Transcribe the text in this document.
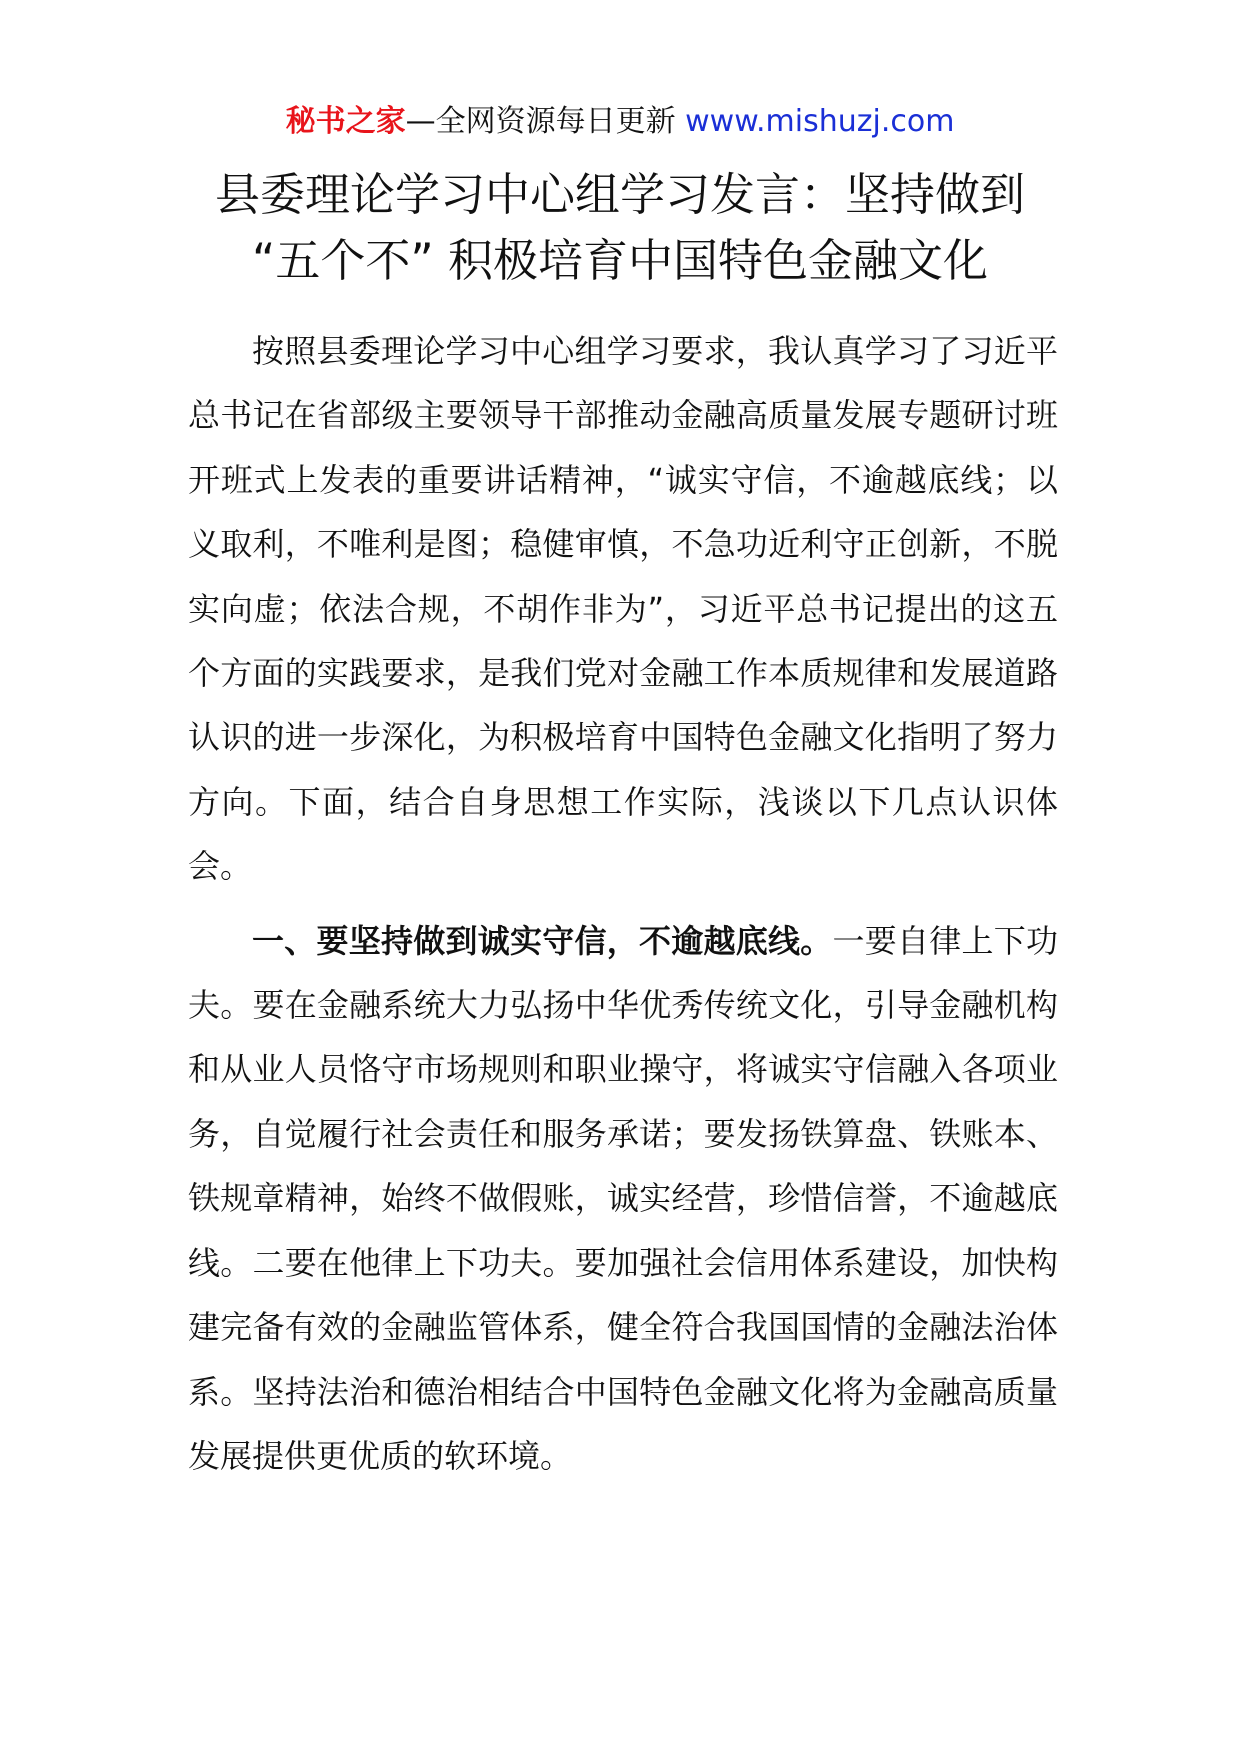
秘书之家—全网资源每日更新 www.mishuzj.com
县委理论学习中心组学习发言：坚持做到
“五个不” 积极培育中国特色金融文化

按照县委理论学习中心组学习要求，我认真学习了习近平总书记在省部级主要领导干部推动金融高质量发展专题研讨班开班式上发表的重要讲话精神，“诚实守信，不逾越底线；以义取利，不唯利是图；稳健审慎，不急功近利守正创新，不脱实向虚；依法合规，不胡作非为”，习近平总书记提出的这五个方面的实践要求，是我们党对金融工作本质规律和发展道路认识的进一步深化，为积极培育中国特色金融文化指明了努力方向。下面，结合自身思想工作实际，浅谈以下几点认识体会。

一、要坚持做到诚实守信，不逾越底线。一要自律上下功夫。要在金融系统大力弘扬中华优秀传统文化，引导金融机构和从业人员恪守市场规则和职业操守，将诚实守信融入各项业务，自觉履行社会责任和服务承诺；要发扬铁算盘、铁账本、铁规章精神，始终不做假账，诚实经营，珍惜信誉，不逾越底线。二要在他律上下功夫。要加强社会信用体系建设，加快构建完备有效的金融监管体系，健全符合我国国情的金融法治体系。坚持法治和德治相结合中国特色金融文化将为金融高质量发展提供更优质的软环境。
